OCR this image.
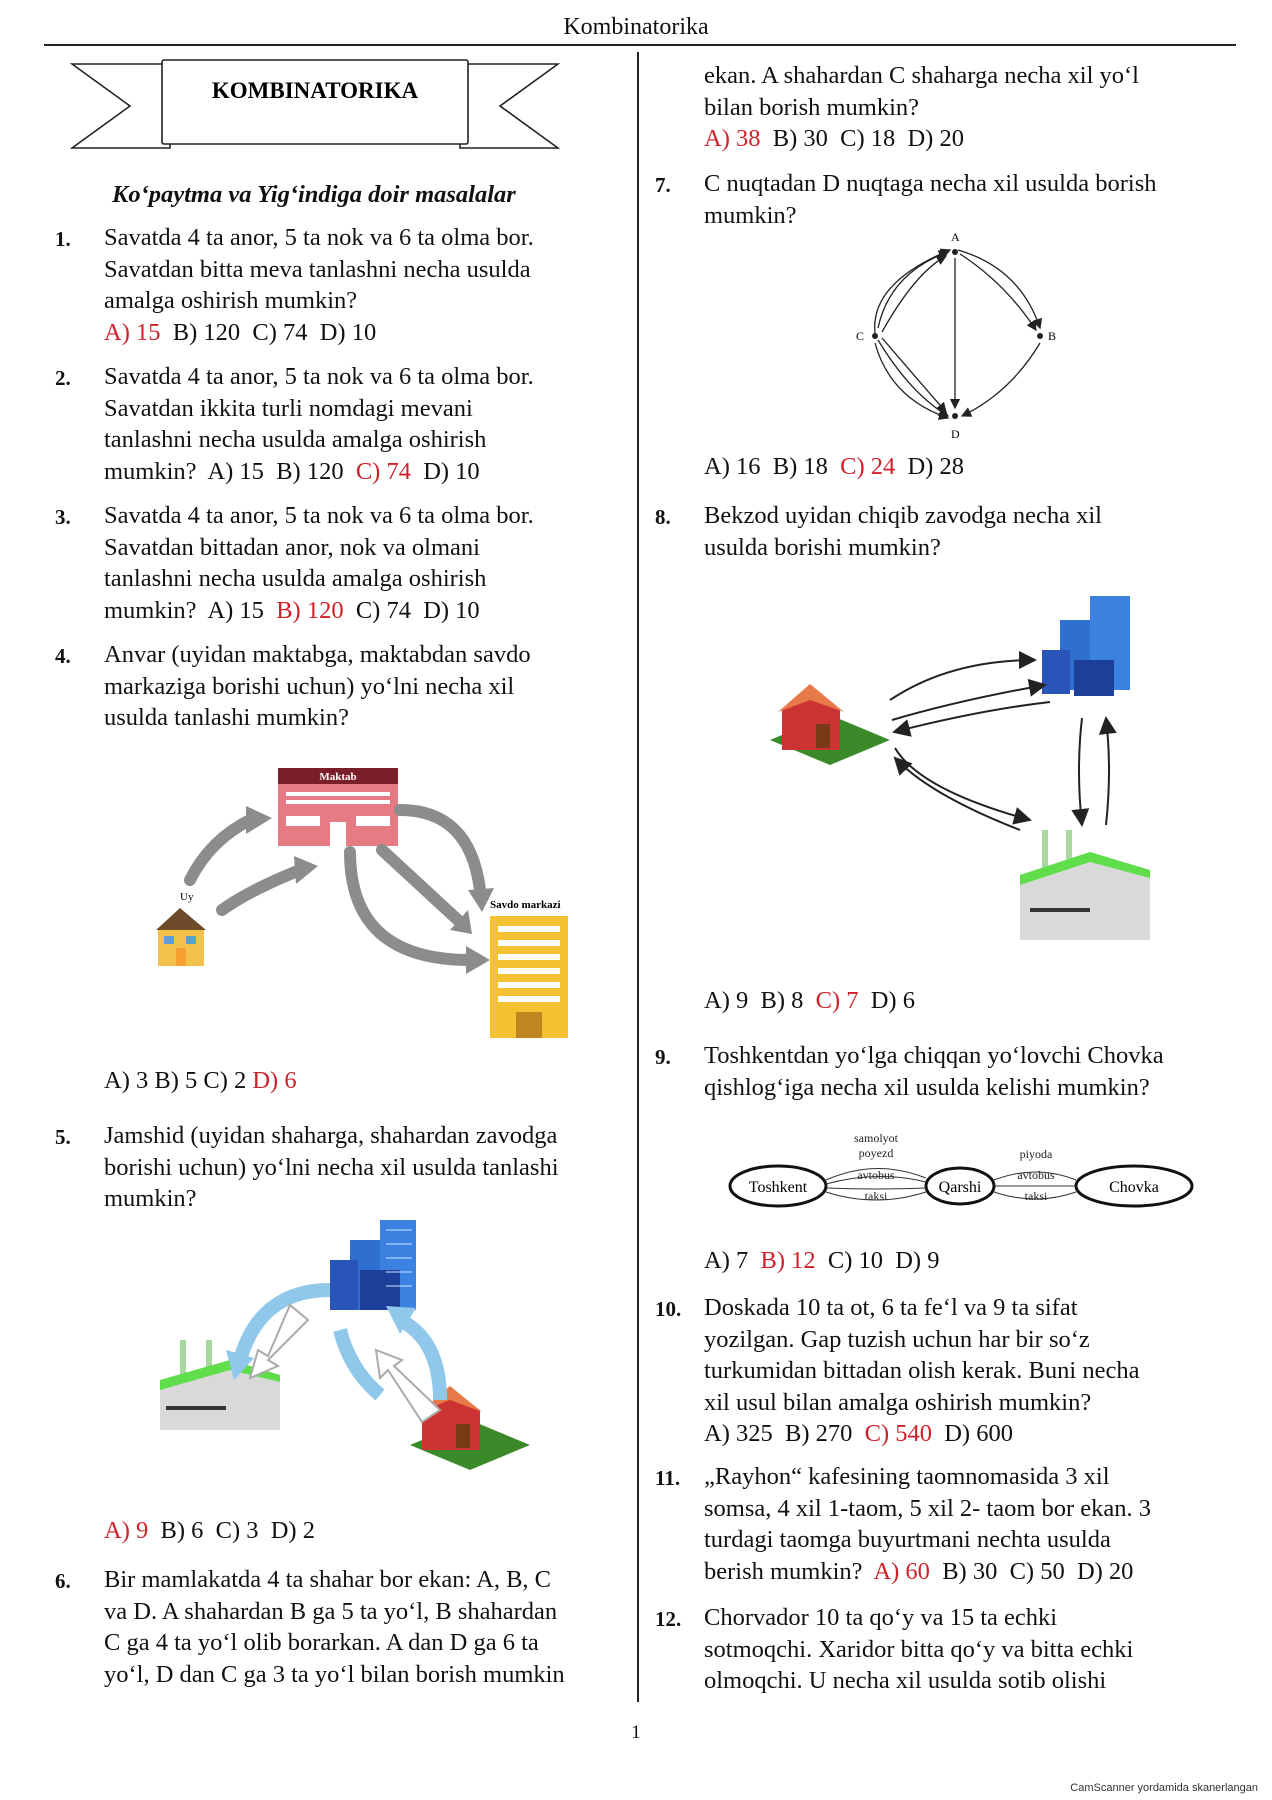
Kombinatorika
KOMBINATORIKA
Ko‘paytma va Yig‘indiga doir masalalar
1.	Savatda 4 ta anor, 5 ta nok va 6 ta olma bor.
Savatdan bitta meva tanlashni necha usulda
amalga oshirish mumkin?
A) 15 B) 120 C) 74 D) 10
2.	Savatda 4 ta anor, 5 ta nok va 6 ta olma bor.
Savatdan ikkita turli nomdagi mevani
tanlashni necha usulda amalga oshirish
mumkin? A) 15 B) 120 C) 74 D) 10
3.	Savatda 4 ta anor, 5 ta nok va 6 ta olma bor.
Savatdan bittadan anor, nok va olmani
tanlashni necha usulda amalga oshirish
mumkin? A) 15 B) 120 C) 74 D) 10
4.	Anvar (uyidan maktabga, maktabdan savdo
markaziga borishi uchun) yo‘lni necha xil
usulda tanlashi mumkin?
Maktab
Uy
Savdo markazi
A) 3 B) 5 C) 2 D) 6
5.	Jamshid (uyidan shaharga, shahardan zavodga
borishi uchun) yo‘lni necha xil usulda tanlashi
mumkin?
A) 9 B) 6 C) 3 D) 2
6.	Bir mamlakatda 4 ta shahar bor ekan: A, B, C
va D. A shahardan B ga 5 ta yo‘l, B shahardan
C ga 4 ta yo‘l olib borarkan. A dan D ga 6 ta
yo‘l, D dan C ga 3 ta yo‘l bilan borish mumkin
ekan. A shahardan C shaharga necha xil yo‘l
bilan borish mumkin?
A) 38 B) 30 C) 18 D) 20
7.	C nuqtadan D nuqtaga necha xil usulda borish
mumkin?
A
C	B
D
A) 16 B) 18 C) 24 D) 28
8.	Bekzod uyidan chiqib zavodga necha xil
usulda borishi mumkin?
A) 9 B) 8 C) 7 D) 6
9.	Toshkentdan yo‘lga chiqqan yo‘lovchi Chovka
qishlog‘iga necha xil usulda kelishi mumkin?
Toshkent	Qarshi	Chovka
samolyot
poyezd
avtobus
taksi
piyoda
avtobus
taksi
A) 7 B) 12 C) 10 D) 9
10. Doskada 10 ta ot, 6 ta fe‘l va 9 ta sifat
yozilgan. Gap tuzish uchun har bir so‘z
turkumidan bittadan olish kerak. Buni necha
xil usul bilan amalga oshirish mumkin?
A) 325 B) 270 C) 540 D) 600
11. „Rayhon“ kafesining taomnomasida 3 xil
somsa, 4 xil 1-taom, 5 xil 2- taom bor ekan. 3
turdagi taomga buyurtmani nechta usulda
berish mumkin? A) 60 B) 30 C) 50 D) 20
12. Chorvador 10 ta qo‘y va 15 ta echki
sotmoqchi. Xaridor bitta qo‘y va bitta echki
olmoqchi. U necha xil usulda sotib olishi
1
CamScanner yordamida skanerlangan
